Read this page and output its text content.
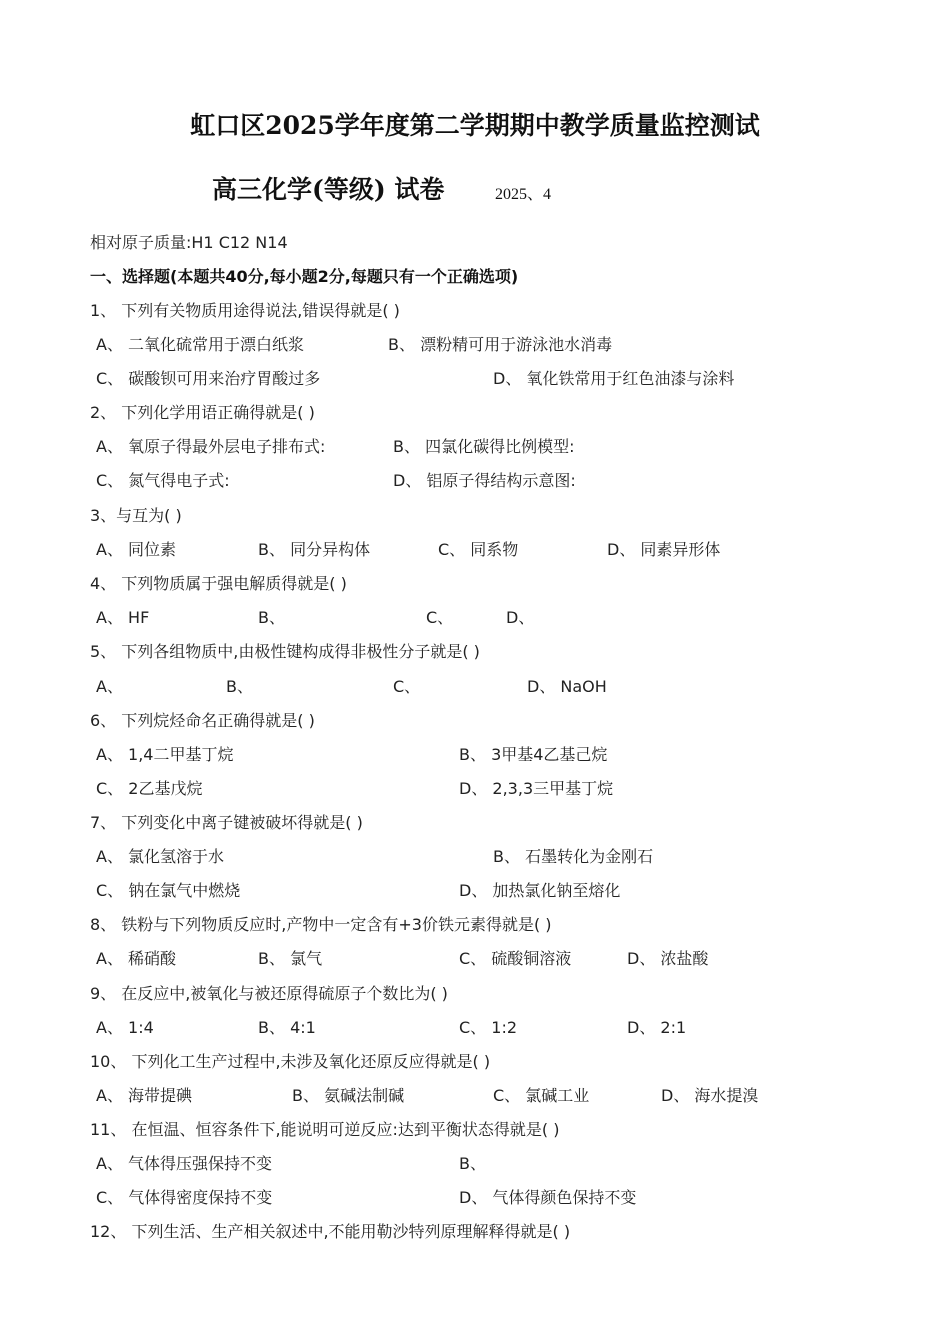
虹口区2025学年度第二学期期中教学质量监控测试
高三化学(等级) 试卷	2025、4
相对原子质量:H1 C12 N14
一、选择题(本题共40分,每小题2分,每题只有一个正确选项)
1、 下列有关物质用途得说法,错误得就是( )
A、 二氧化硫常用于漂白纸浆	B、 漂粉精可用于游泳池水消毒
C、 碳酸钡可用来治疗胃酸过多	D、 氧化铁常用于红色油漆与涂料
2、 下列化学用语正确得就是( )
A、 氧原子得最外层电子排布式:	B、 四氯化碳得比例模型:
C、 氮气得电子式:	D、 铝原子得结构示意图:
3、与互为( )
A、 同位素	B、 同分异构体	C、 同系物	D、 同素异形体
4、 下列物质属于强电解质得就是( )
A、 HF	B、	C、	D、
5、 下列各组物质中,由极性键构成得非极性分子就是( )
A、	B、	C、	D、 NaOH
6、 下列烷烃命名正确得就是( )
A、 1,4二甲基丁烷	B、 3甲基4乙基己烷
C、 2乙基戊烷	D、 2,3,3三甲基丁烷
7、 下列变化中离子键被破坏得就是( )
A、 氯化氢溶于水	B、 石墨转化为金刚石
C、 钠在氯气中燃烧	D、 加热氯化钠至熔化
8、 铁粉与下列物质反应时,产物中一定含有+3价铁元素得就是( )
A、 稀硝酸	B、 氯气	C、 硫酸铜溶液	D、 浓盐酸
9、 在反应中,被氧化与被还原得硫原子个数比为( )
A、 1:4	B、 4:1	C、 1:2	D、 2:1
10、 下列化工生产过程中,未涉及氧化还原反应得就是( )
A、 海带提碘	B、 氨碱法制碱	C、 氯碱工业	D、 海水提溴
11、 在恒温、恒容条件下,能说明可逆反应:达到平衡状态得就是( )
A、 气体得压强保持不变	B、
C、 气体得密度保持不变	D、 气体得颜色保持不变
12、 下列生活、生产相关叙述中,不能用勒沙特列原理解释得就是( )
